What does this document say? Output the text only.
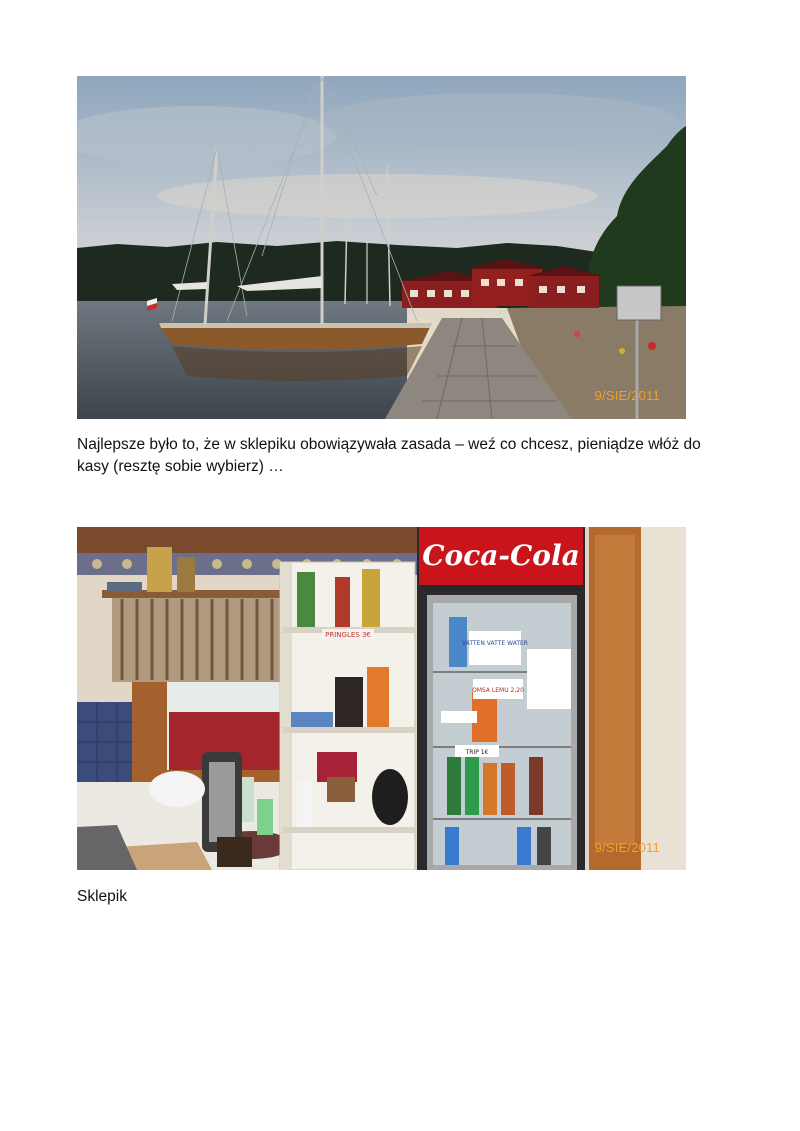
9/SIE/2011
Najlepsze było to, że w sklepiku obowiązywała zasada – weź co chcesz, pieniądze włóż do kasy (resztę sobie wybierz) …
PRINGLES 3€
Coca-Cola
VATTEN VATTE WATER
OMSA LEMU 2,20
TRIP 1€
9/SIE/2011
Sklepik
